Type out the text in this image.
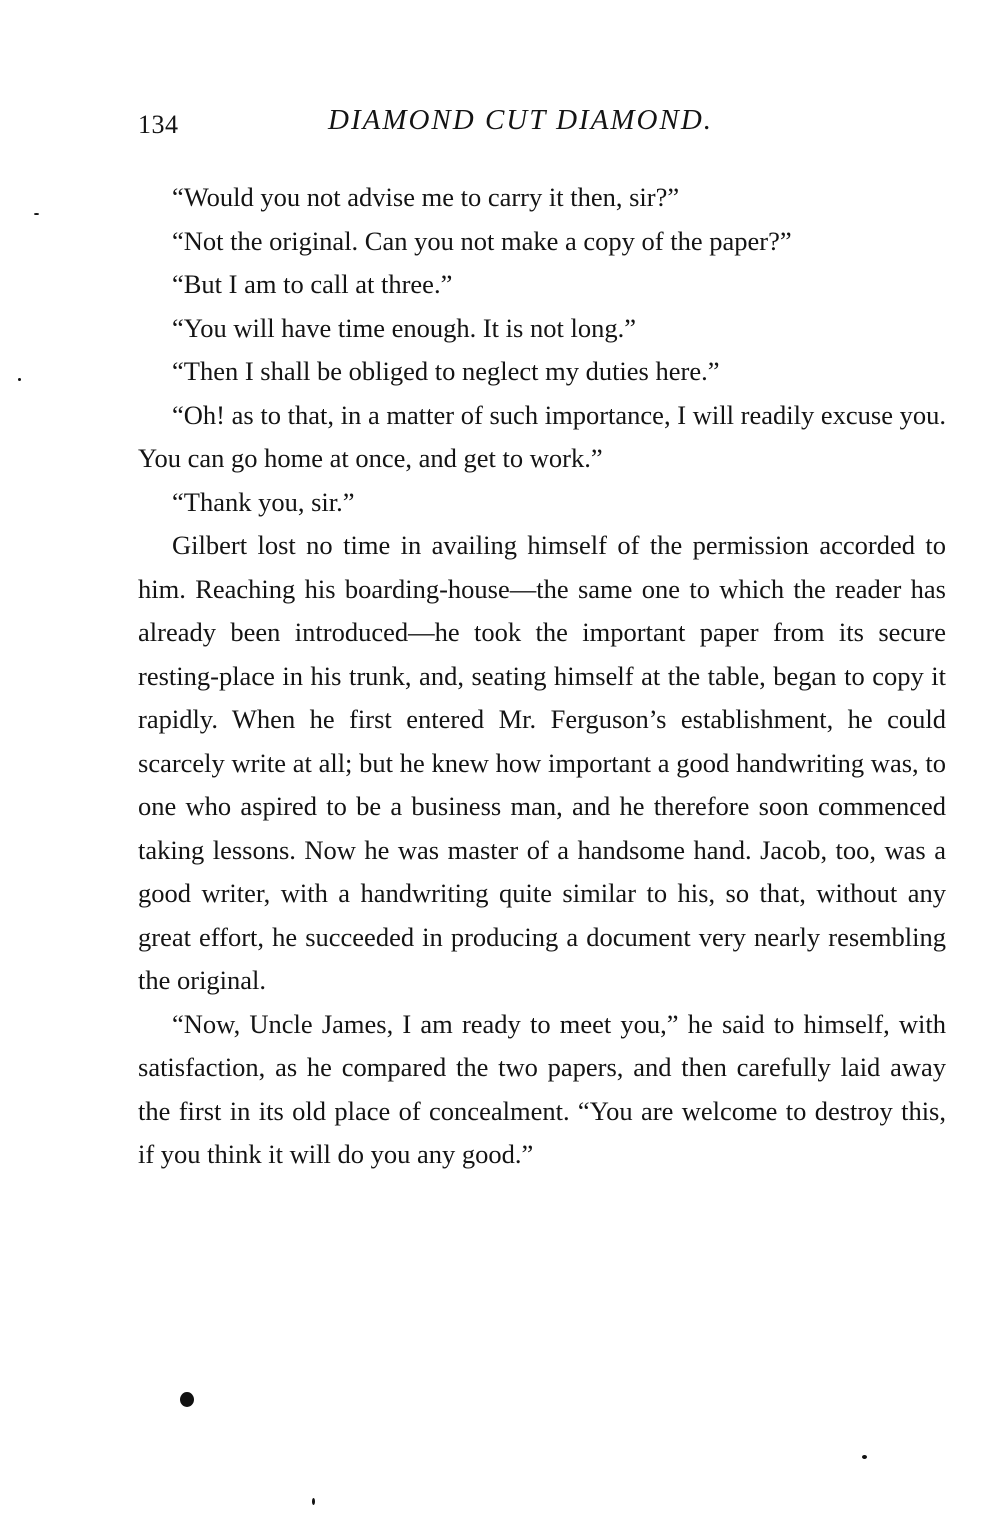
134	DIAMOND CUT DIAMOND.

“Would you not advise me to carry it then, sir?”

“Not the original. Can you not make a copy of the paper?”

“But I am to call at three.”

“You will have time enough. It is not long.”

“Then I shall be obliged to neglect my duties here.”

“Oh! as to that, in a matter of such importance, I will readily excuse you. You can go home at once, and get to work.”

“Thank you, sir.”

Gilbert lost no time in availing himself of the permission accorded to him. Reaching his boarding-house—the same one to which the reader has already been introduced—he took the important paper from its secure resting-place in his trunk, and, seating himself at the table, began to copy it rapidly. When he first entered Mr. Ferguson’s establishment, he could scarcely write at all; but he knew how important a good handwriting was, to one who aspired to be a business man, and he therefore soon commenced taking lessons. Now he was master of a handsome hand. Jacob, too, was a good writer, with a handwriting quite similar to his, so that, without any great effort, he succeeded in producing a document very nearly resembling the original.

“Now, Uncle James, I am ready to meet you,” he said to himself, with satisfaction, as he compared the two papers, and then carefully laid away the first in its old place of concealment. “You are welcome to destroy this, if you think it will do you any good.”
